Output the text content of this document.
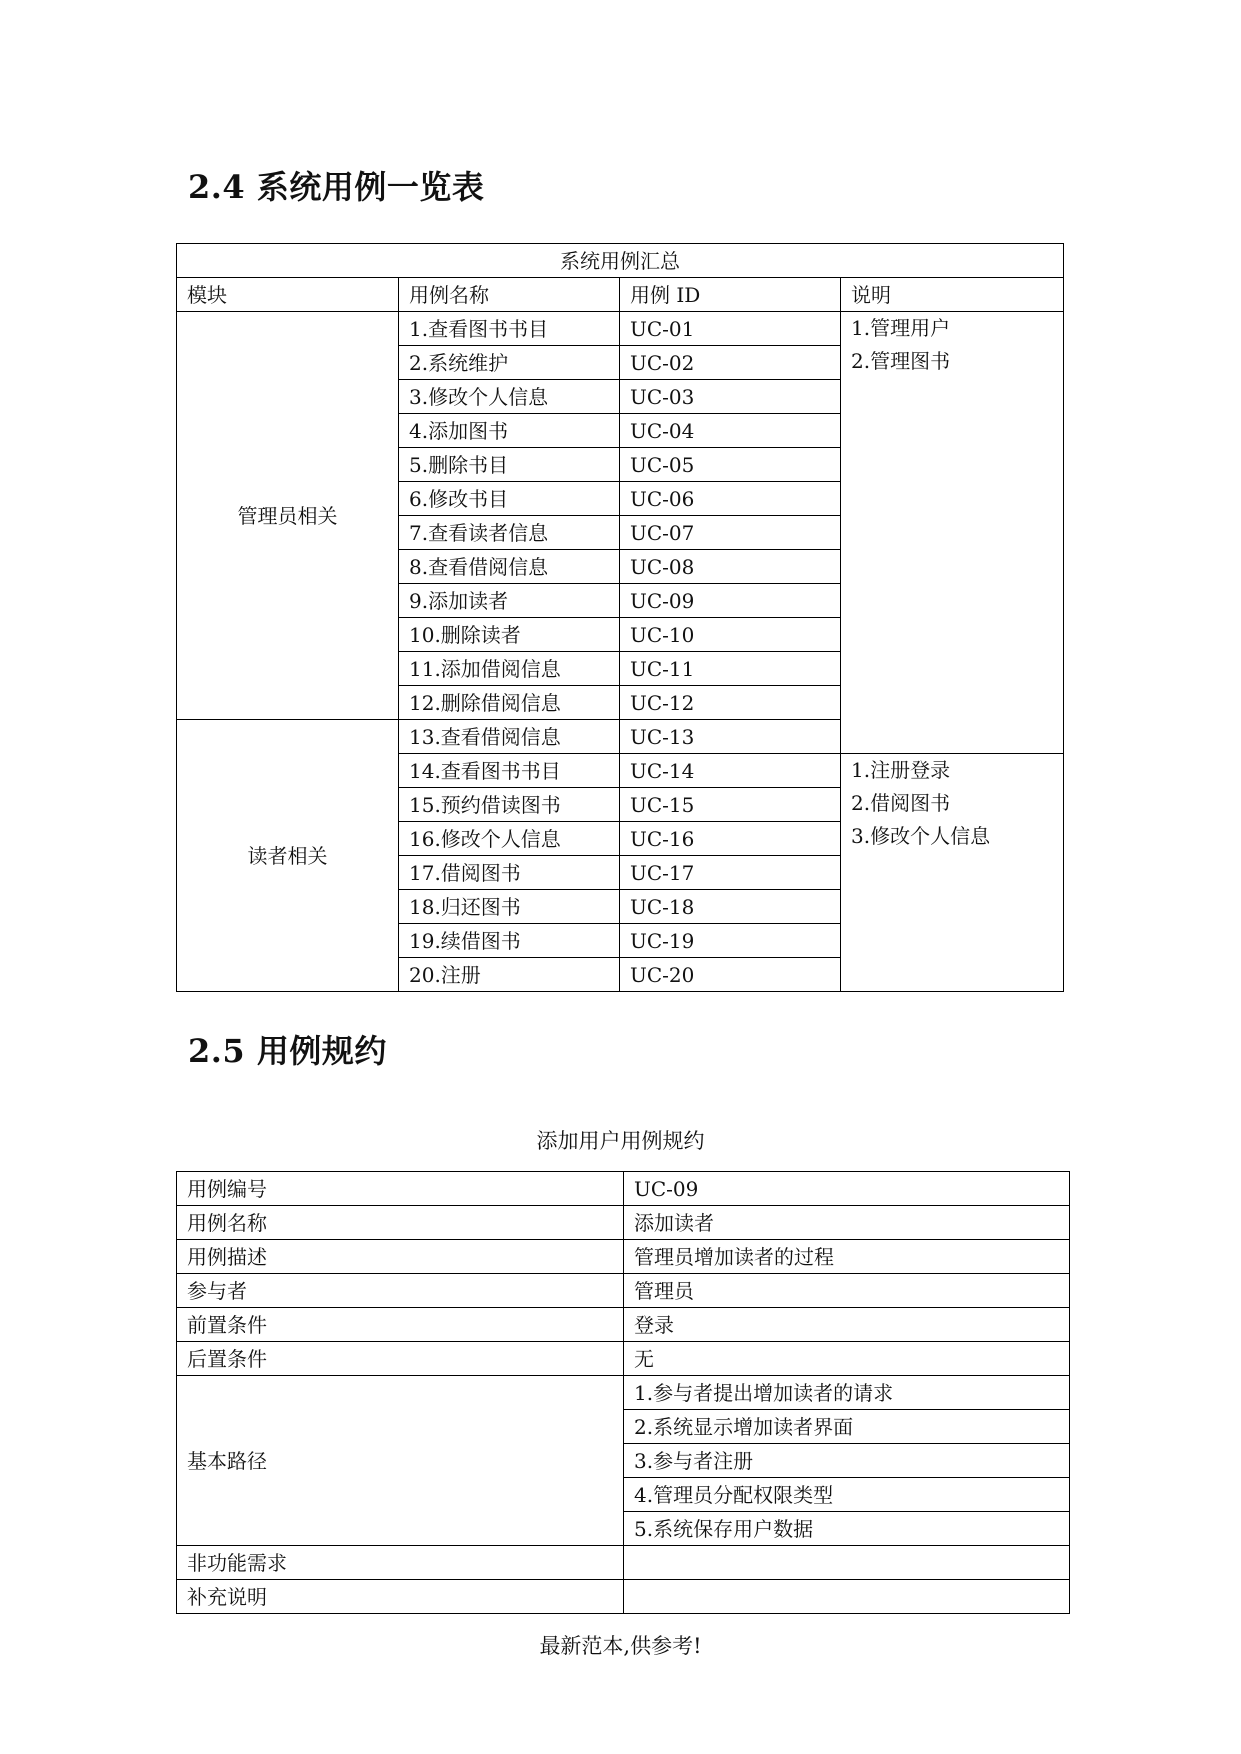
2.4 系统用例一览表
系统用例汇总			
模块	用例名称	用例 ID	说明
管理员相关	1.查看图书书目	UC-01	1.管理用户
2.管理图书

	2.系统维护	UC-02	
	3.修改个人信息	UC-03	
	4.添加图书	UC-04	
	5.删除书目	UC-05	
	6.修改书目	UC-06	
	7.查看读者信息	UC-07	
	8.查看借阅信息	UC-08	
	9.添加读者	UC-09	
	10.删除读者	UC-10	
	11.添加借阅信息	UC-11	
	12.删除借阅信息	UC-12	
读者相关	13.查看借阅信息	UC-13	
	14.查看图书书目	UC-14	1.注册登录
2.借阅图书
3.修改个人信息

	15.预约借读图书	UC-15	
	16.修改个人信息	UC-16	
	17.借阅图书	UC-17	
	18.归还图书	UC-18	
	19.续借图书	UC-19	
	20.注册	UC-20	
添加用户用例规约
2.5 用例规约
用例编号	UC-09
用例名称	添加读者
用例描述	管理员增加读者的过程
参与者	管理员
前置条件	登录
后置条件	无
基本路径	1.参与者提出增加读者的请求
	2.系统显示增加读者界面
	3.参与者注册
	4.管理员分配权限类型
	5.系统保存用户数据
非功能需求	
补充说明	
最新范本,供参考!
